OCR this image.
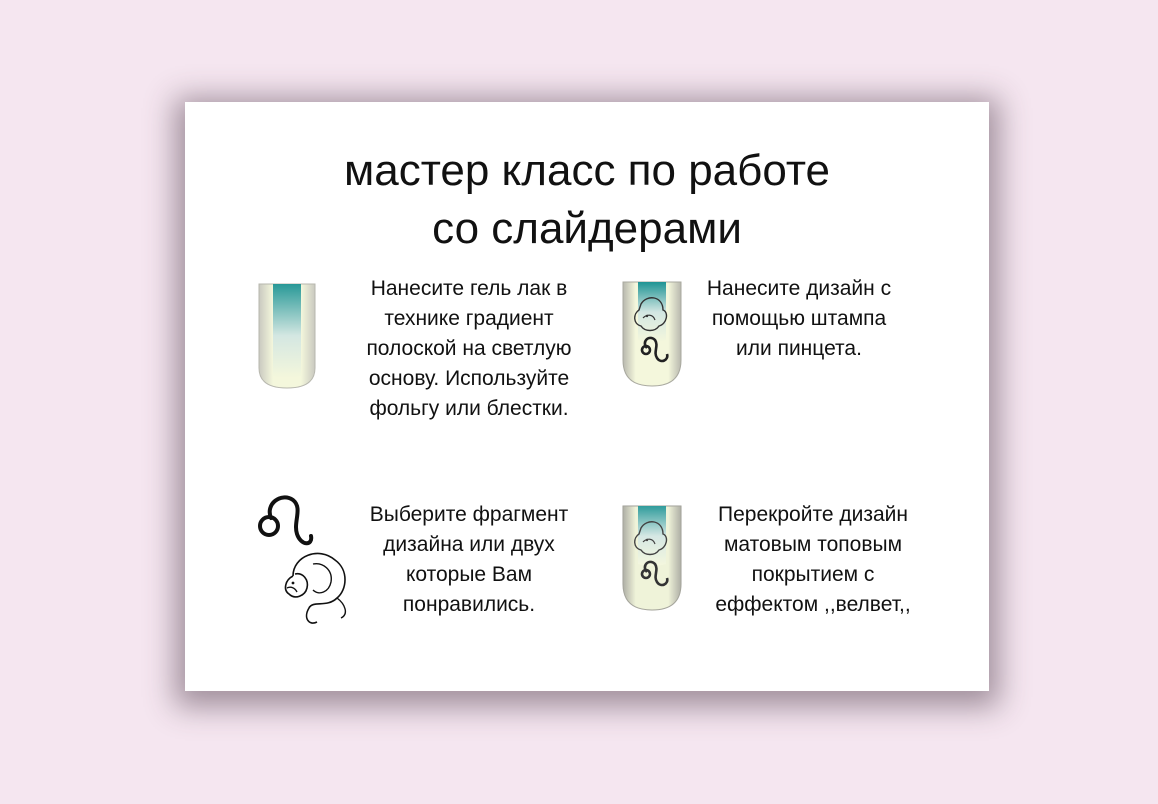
мастер класс по работе
со слайдерами
Нанесите гель лак в
технике градиент
полоской на светлую
основу. Используйте
фольгу или блестки.
Нанесите дизайн с
помощью штампа
или пинцета.
Выберите фрагмент
дизайна или двух
которые Вам
понравились.
Перекройте дизайн
матовым топовым
покрытием с
еффектом ,,велвет,,
